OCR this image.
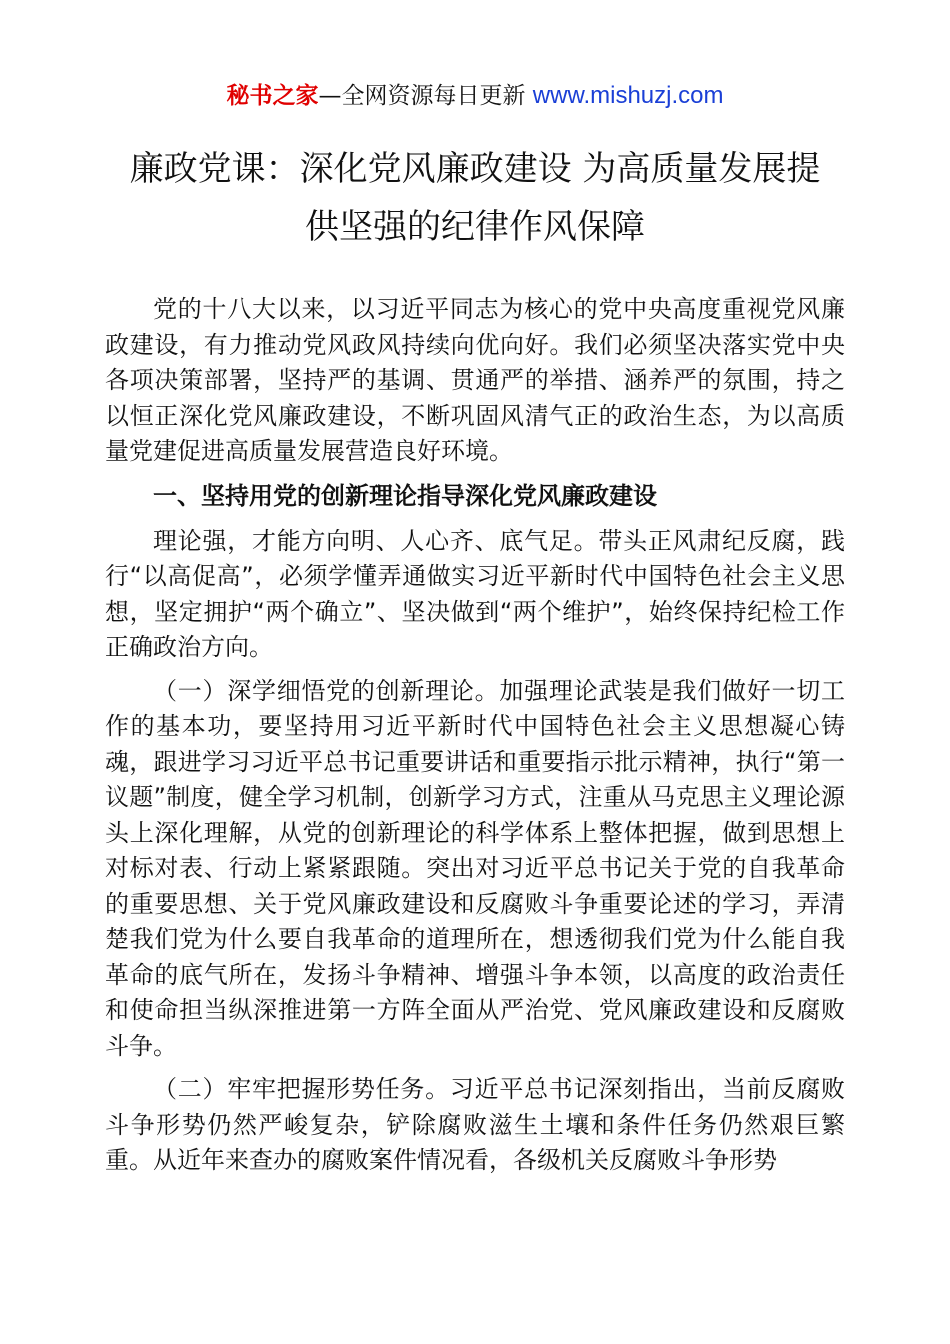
秘书之家—全网资源每日更新 www.mishuzj.com
廉政党课：深化党风廉政建设 为高质量发展提
供坚强的纪律作风保障

党的十八大以来，以习近平同志为核心的党中央高度重视党风廉政建设，有力推动党风政风持续向优向好。我们必须坚决落实党中央各项决策部署，坚持严的基调、贯通严的举措、涵养严的氛围，持之以恒正深化党风廉政建设，不断巩固风清气正的政治生态，为以高质量党建促进高质量发展营造良好环境。

一、坚持用党的创新理论指导深化党风廉政建设

理论强，才能方向明、人心齐、底气足。带头正风肃纪反腐，践行“以高促高”，必须学懂弄通做实习近平新时代中国特色社会主义思想，坚定拥护“两个确立”、坚决做到“两个维护”，始终保持纪检工作正确政治方向。

（一）深学细悟党的创新理论。加强理论武装是我们做好一切工作的基本功，要坚持用习近平新时代中国特色社会主义思想凝心铸魂，跟进学习习近平总书记重要讲话和重要指示批示精神，执行“第一议题”制度，健全学习机制，创新学习方式，注重从马克思主义理论源头上深化理解，从党的创新理论的科学体系上整体把握，做到思想上对标对表、行动上紧紧跟随。突出对习近平总书记关于党的自我革命的重要思想、关于党风廉政建设和反腐败斗争重要论述的学习，弄清楚我们党为什么要自我革命的道理所在，想透彻我们党为什么能自我革命的底气所在，发扬斗争精神、增强斗争本领，以高度的政治责任和使命担当纵深推进第一方阵全面从严治党、党风廉政建设和反腐败斗争。

（二）牢牢把握形势任务。习近平总书记深刻指出，当前反腐败斗争形势仍然严峻复杂，铲除腐败滋生土壤和条件任务仍然艰巨繁重。从近年来查办的腐败案件情况看，各级机关反腐败斗争形势
